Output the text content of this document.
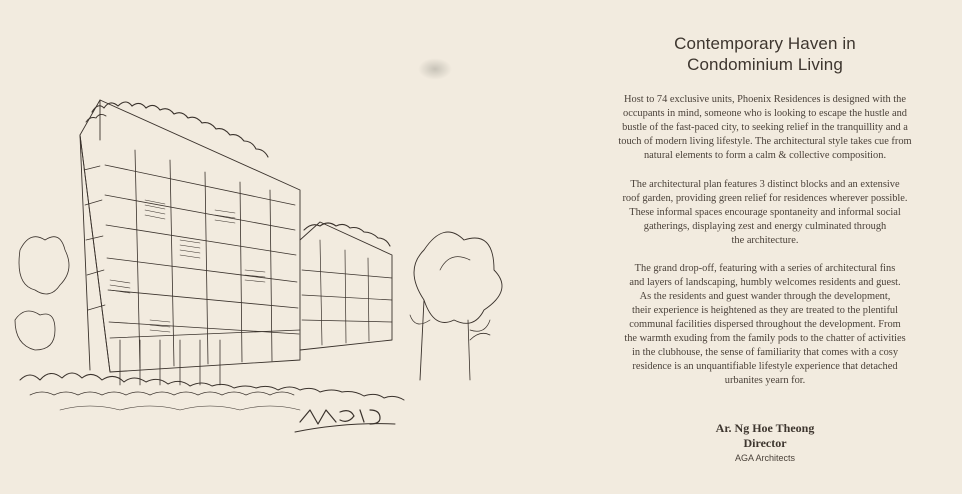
Contemporary Haven in
Condominium Living

Host to 74 exclusive units, Phoenix Residences is designed with the
occupants in mind, someone who is looking to escape the hustle and
bustle of the fast-paced city, to seeking relief in the tranquillity and a
touch of modern living lifestyle. The architectural style takes cue from
natural elements to form a calm & collective composition.

The architectural plan features 3 distinct blocks and an extensive
roof garden, providing green relief for residences wherever possible.
These informal spaces encourage spontaneity and informal social
gatherings, displaying zest and energy culminated through
the architecture.

The grand drop-off, featuring with a series of architectural fins
and layers of landscaping, humbly welcomes residents and guest.
As the residents and guest wander through the development,
their experience is heightened as they are treated to the plentiful
communal facilities dispersed throughout the development. From
the warmth exuding from the family pods to the chatter of activities
in the clubhouse, the sense of familiarity that comes with a cosy
residence is an unquantifiable lifestyle experience that detached
urbanites yearn for.

Ar. Ng Hoe Theong
Director
AGA Architects
